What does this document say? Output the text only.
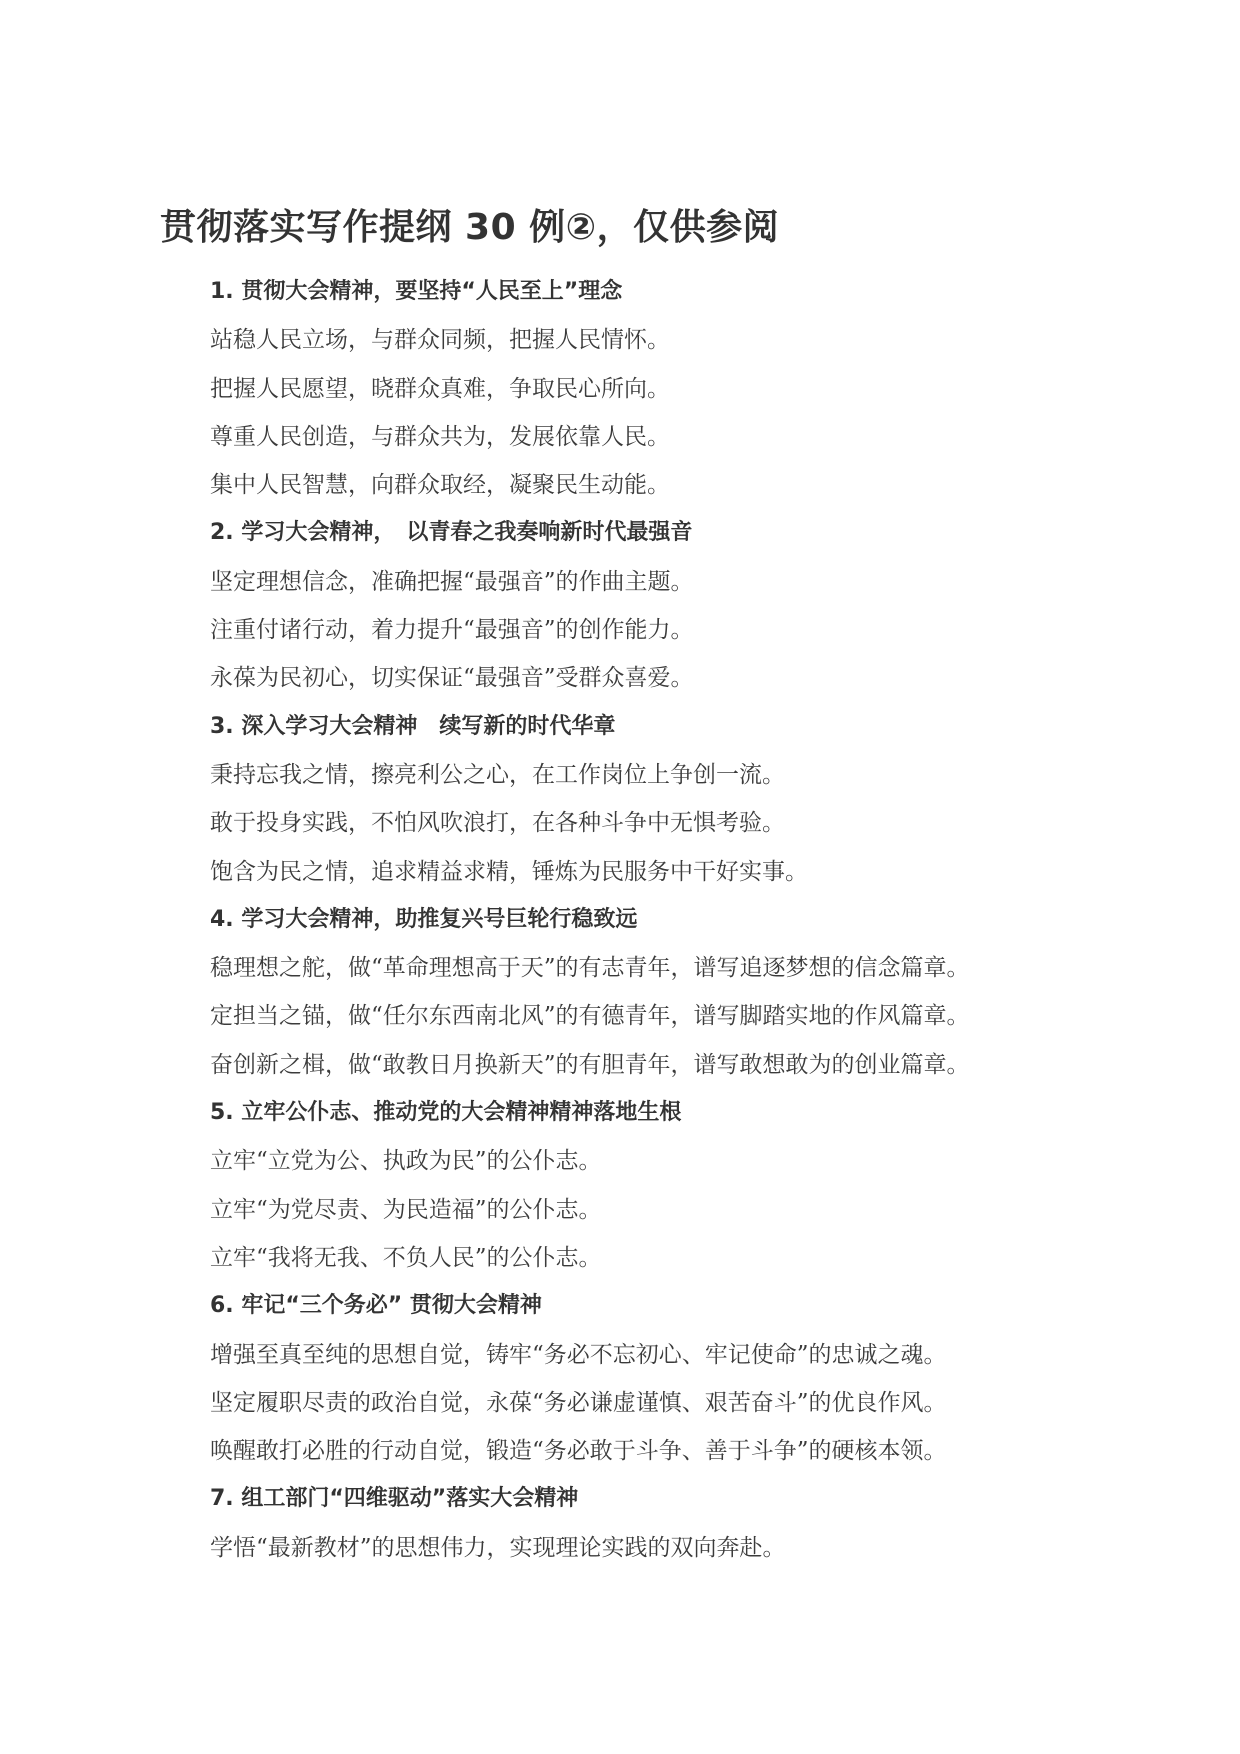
贯彻落实写作提纲 30 例②，仅供参阅
1. 贯彻大会精神，要坚持“人民至上”理念
站稳人民立场，与群众同频，把握人民情怀。
把握人民愿望，晓群众真难，争取民心所向。
尊重人民创造，与群众共为，发展依靠人民。
集中人民智慧，向群众取经，凝聚民生动能。
2. 学习大会精神，　以青春之我奏响新时代最强音
坚定理想信念，准确把握“最强音”的作曲主题。
注重付诸行动，着力提升“最强音”的创作能力。
永葆为民初心，切实保证“最强音”受群众喜爱。
3. 深入学习大会精神　续写新的时代华章
秉持忘我之情，擦亮利公之心，在工作岗位上争创一流。
敢于投身实践，不怕风吹浪打，在各种斗争中无惧考验。
饱含为民之情，追求精益求精，锤炼为民服务中干好实事。
4. 学习大会精神，助推复兴号巨轮行稳致远
稳理想之舵，做“革命理想高于天”的有志青年，谱写追逐梦想的信念篇章。
定担当之锚，做“任尔东西南北风”的有德青年，谱写脚踏实地的作风篇章。
奋创新之楫，做“敢教日月换新天”的有胆青年，谱写敢想敢为的创业篇章。
5. 立牢公仆志、推动党的大会精神精神落地生根
立牢“立党为公、执政为民”的公仆志。
立牢“为党尽责、为民造福”的公仆志。
立牢“我将无我、不负人民”的公仆志。
6. 牢记“三个务必” 贯彻大会精神
增强至真至纯的思想自觉，铸牢“务必不忘初心、牢记使命”的忠诚之魂。
坚定履职尽责的政治自觉，永葆“务必谦虚谨慎、艰苦奋斗”的优良作风。
唤醒敢打必胜的行动自觉，锻造“务必敢于斗争、善于斗争”的硬核本领。
7. 组工部门“四维驱动”落实大会精神
学悟“最新教材”的思想伟力，实现理论实践的双向奔赴。
